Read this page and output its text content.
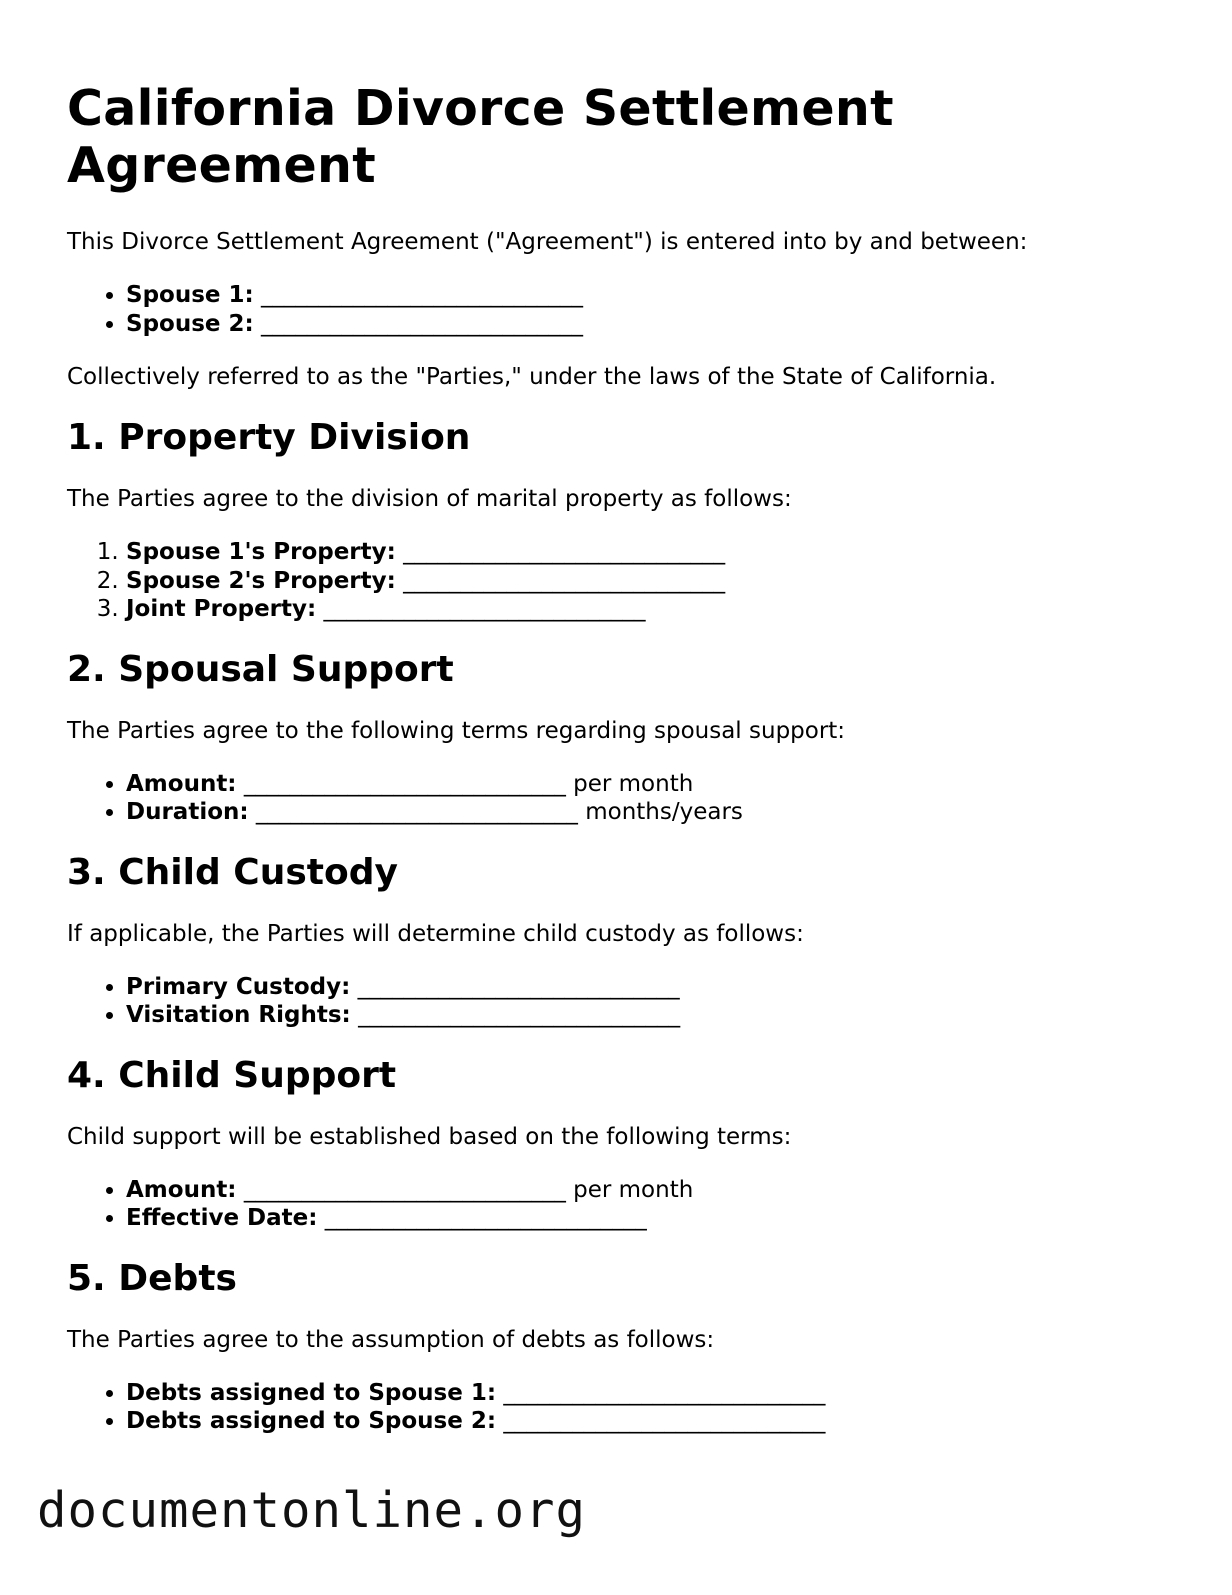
California Divorce Settlement Agreement

This Divorce Settlement Agreement ("Agreement") is entered into by and between:

• Spouse 1: ____________________________
• Spouse 2: ____________________________

Collectively referred to as the "Parties," under the laws of the State of California.

1. Property Division

The Parties agree to the division of marital property as follows:

1. Spouse 1's Property: ____________________________
2. Spouse 2's Property: ____________________________
3. Joint Property: ____________________________
2. Spousal Support

The Parties agree to the following terms regarding spousal support:

• Amount: ____________________________ per month
• Duration: ____________________________ months/years
3. Child Custody

If applicable, the Parties will determine child custody as follows:

• Primary Custody: ____________________________
• Visitation Rights: ____________________________
4. Child Support

Child support will be established based on the following terms:

• Amount: ____________________________ per month
• Effective Date: ____________________________
5. Debts

The Parties agree to the assumption of debts as follows:

• Debts assigned to Spouse 1: ____________________________
• Debts assigned to Spouse 2: ____________________________
documentonline.org
